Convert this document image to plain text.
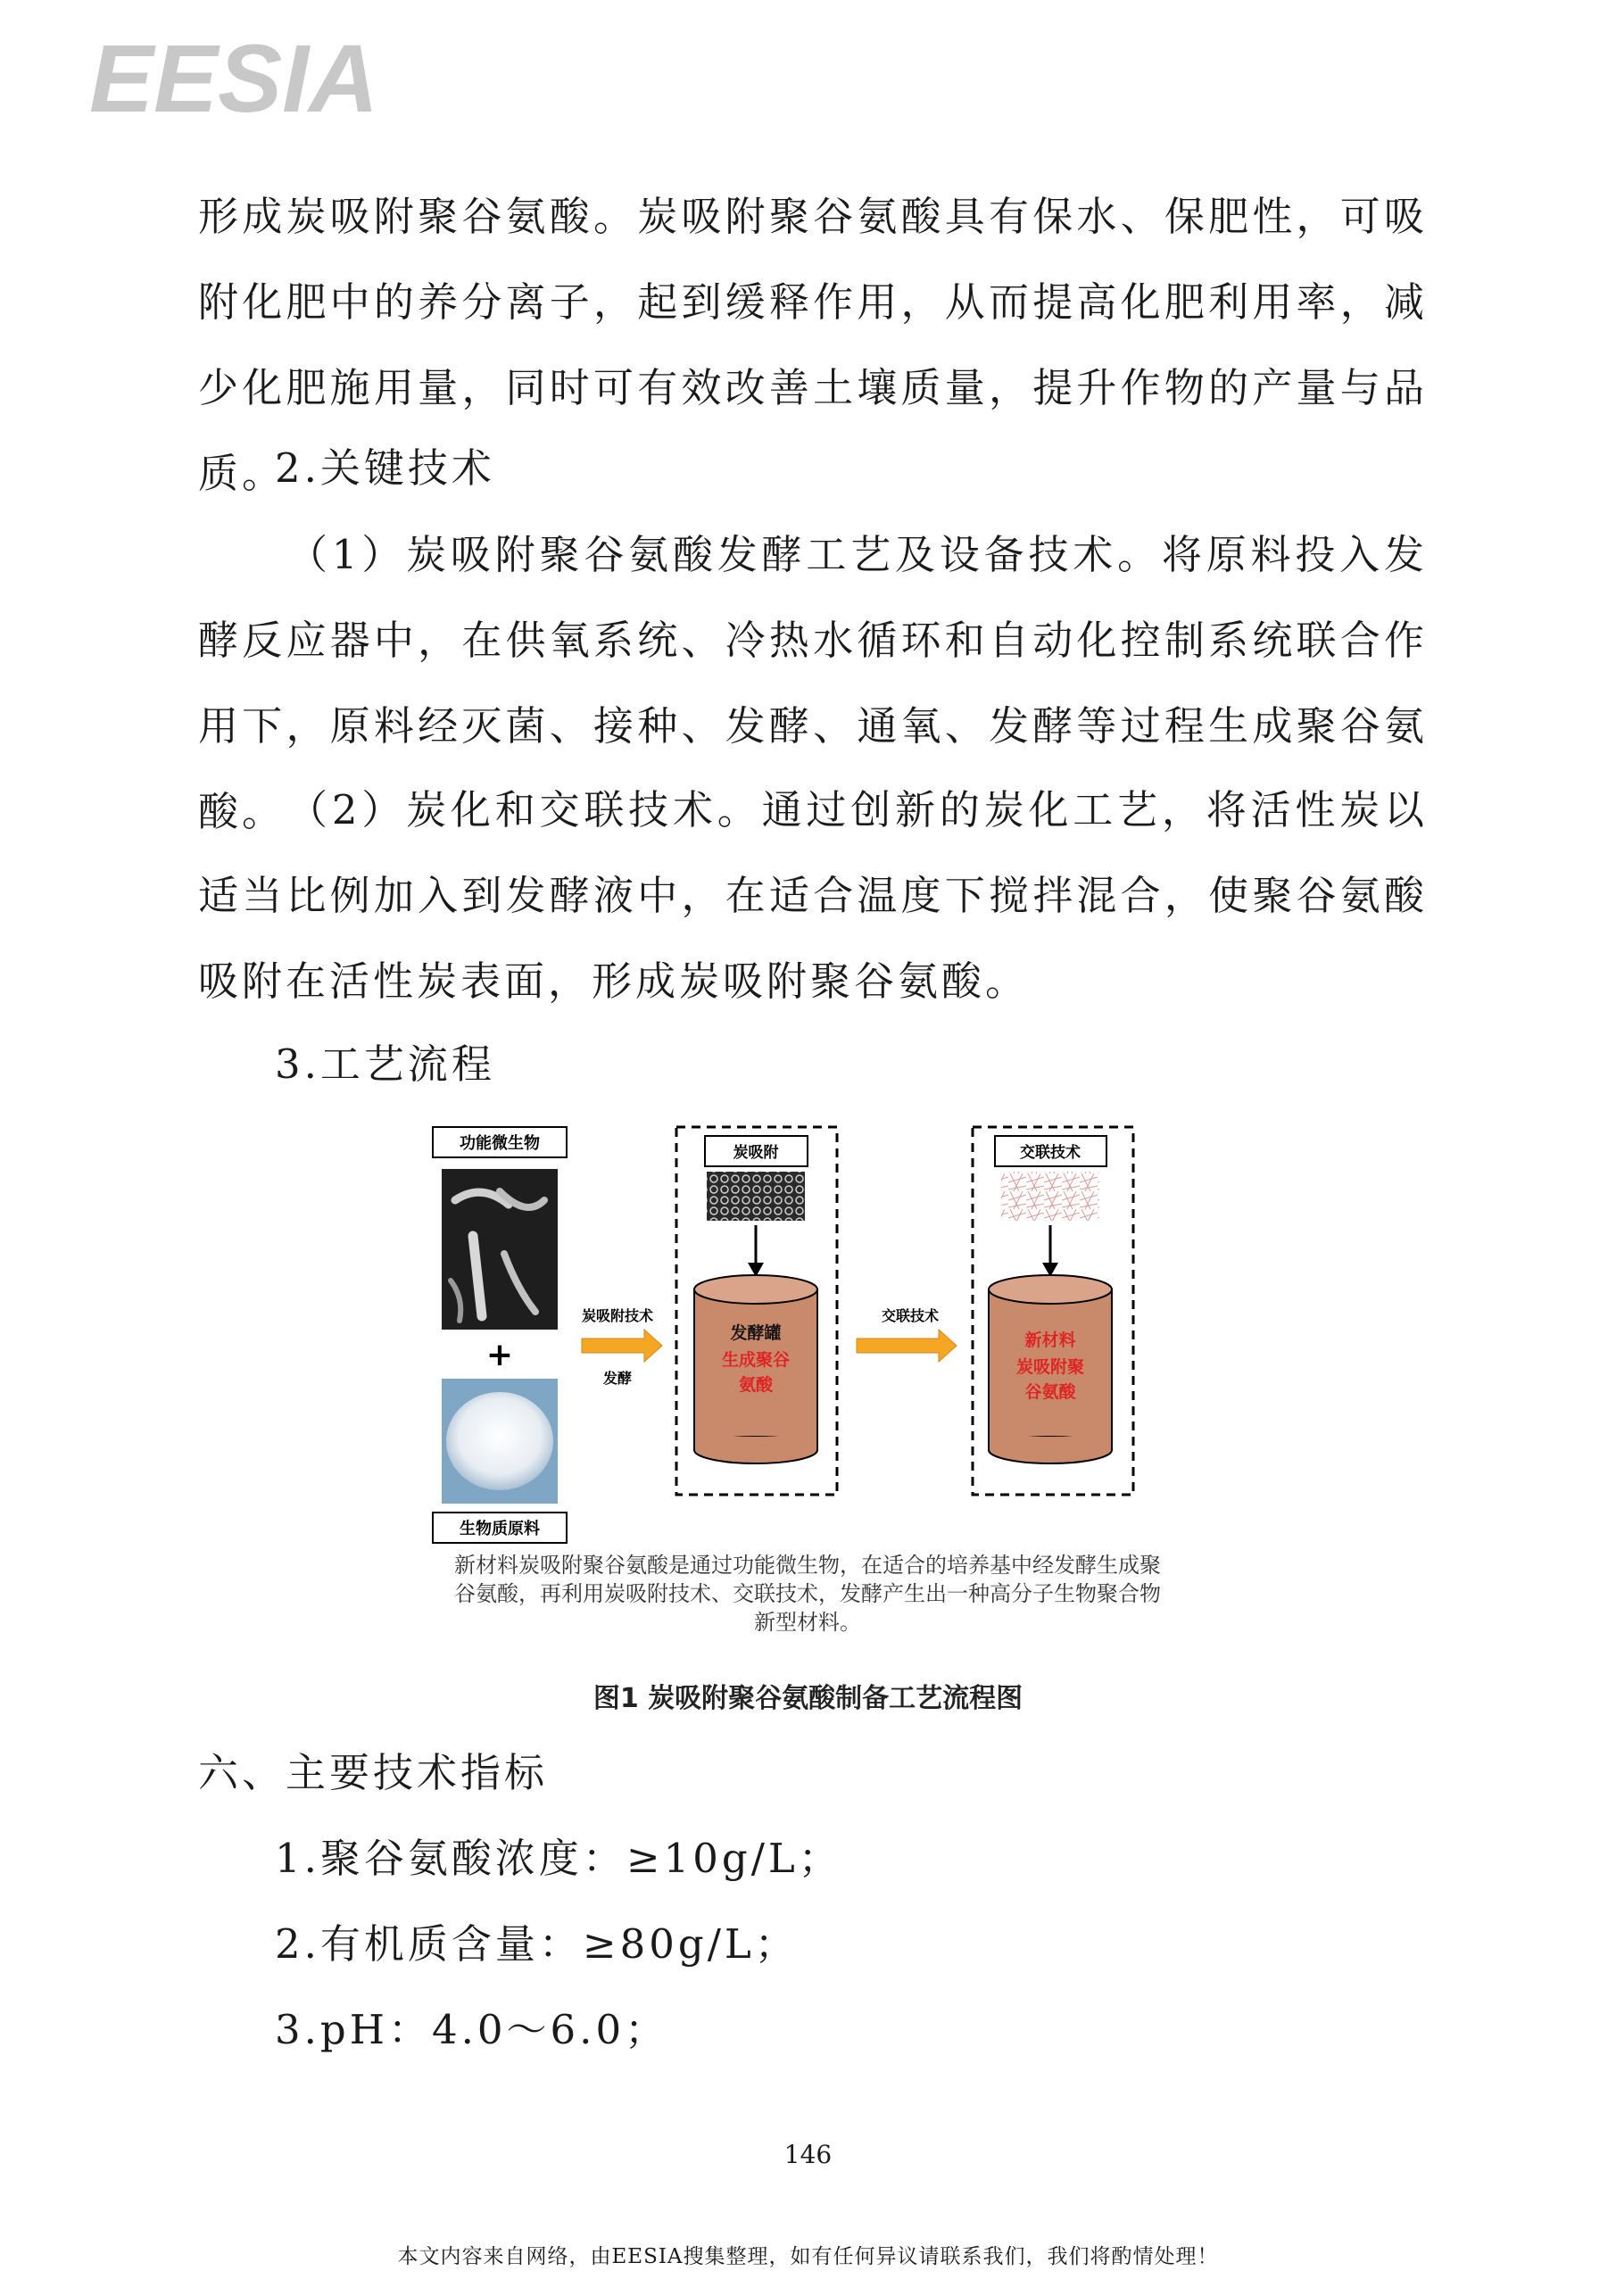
EESIA

形成炭吸附聚谷氨酸。炭吸附聚谷氨酸具有保水、保肥性，可吸附化肥中的养分离子，起到缓释作用，从而提高化肥利用率，减少化肥施用量，同时可有效改善土壤质量，提升作物的产量与品质。

2.关键技术

（1）炭吸附聚谷氨酸发酵工艺及设备技术。将原料投入发酵反应器中，在供氧系统、冷热水循环和自动化控制系统联合作用下，原料经灭菌、接种、发酵、通氧、发酵等过程生成聚谷氨酸。 （2）炭化和交联技术。通过创新的炭化工艺，将活性炭以适当比例加入到发酵液中，在适合温度下搅拌混合，使聚谷氨酸吸附在活性炭表面，形成炭吸附聚谷氨酸。

3.工艺流程
功能微生物
+
生物质原料
炭吸附技术
发酵
炭吸附
发酵罐
生成聚谷
氨酸
交联技术
交联技术
新材料
炭吸附聚
谷氨酸
新材料炭吸附聚谷氨酸是通过功能微生物，在适合的培养基中经发酵生成聚谷氨酸，再利用炭吸附技术、交联技术，发酵产生出一种高分子生物聚合物新型材料。
图1 炭吸附聚谷氨酸制备工艺流程图
六、主要技术指标
1.聚谷氨酸浓度：≥10g/L；
2.有机质含量：≥80g/L；
3.pH：4.0～6.0；
146
本文内容来自网络，由EESIA搜集整理，如有任何异议请联系我们，我们将酌情处理！
